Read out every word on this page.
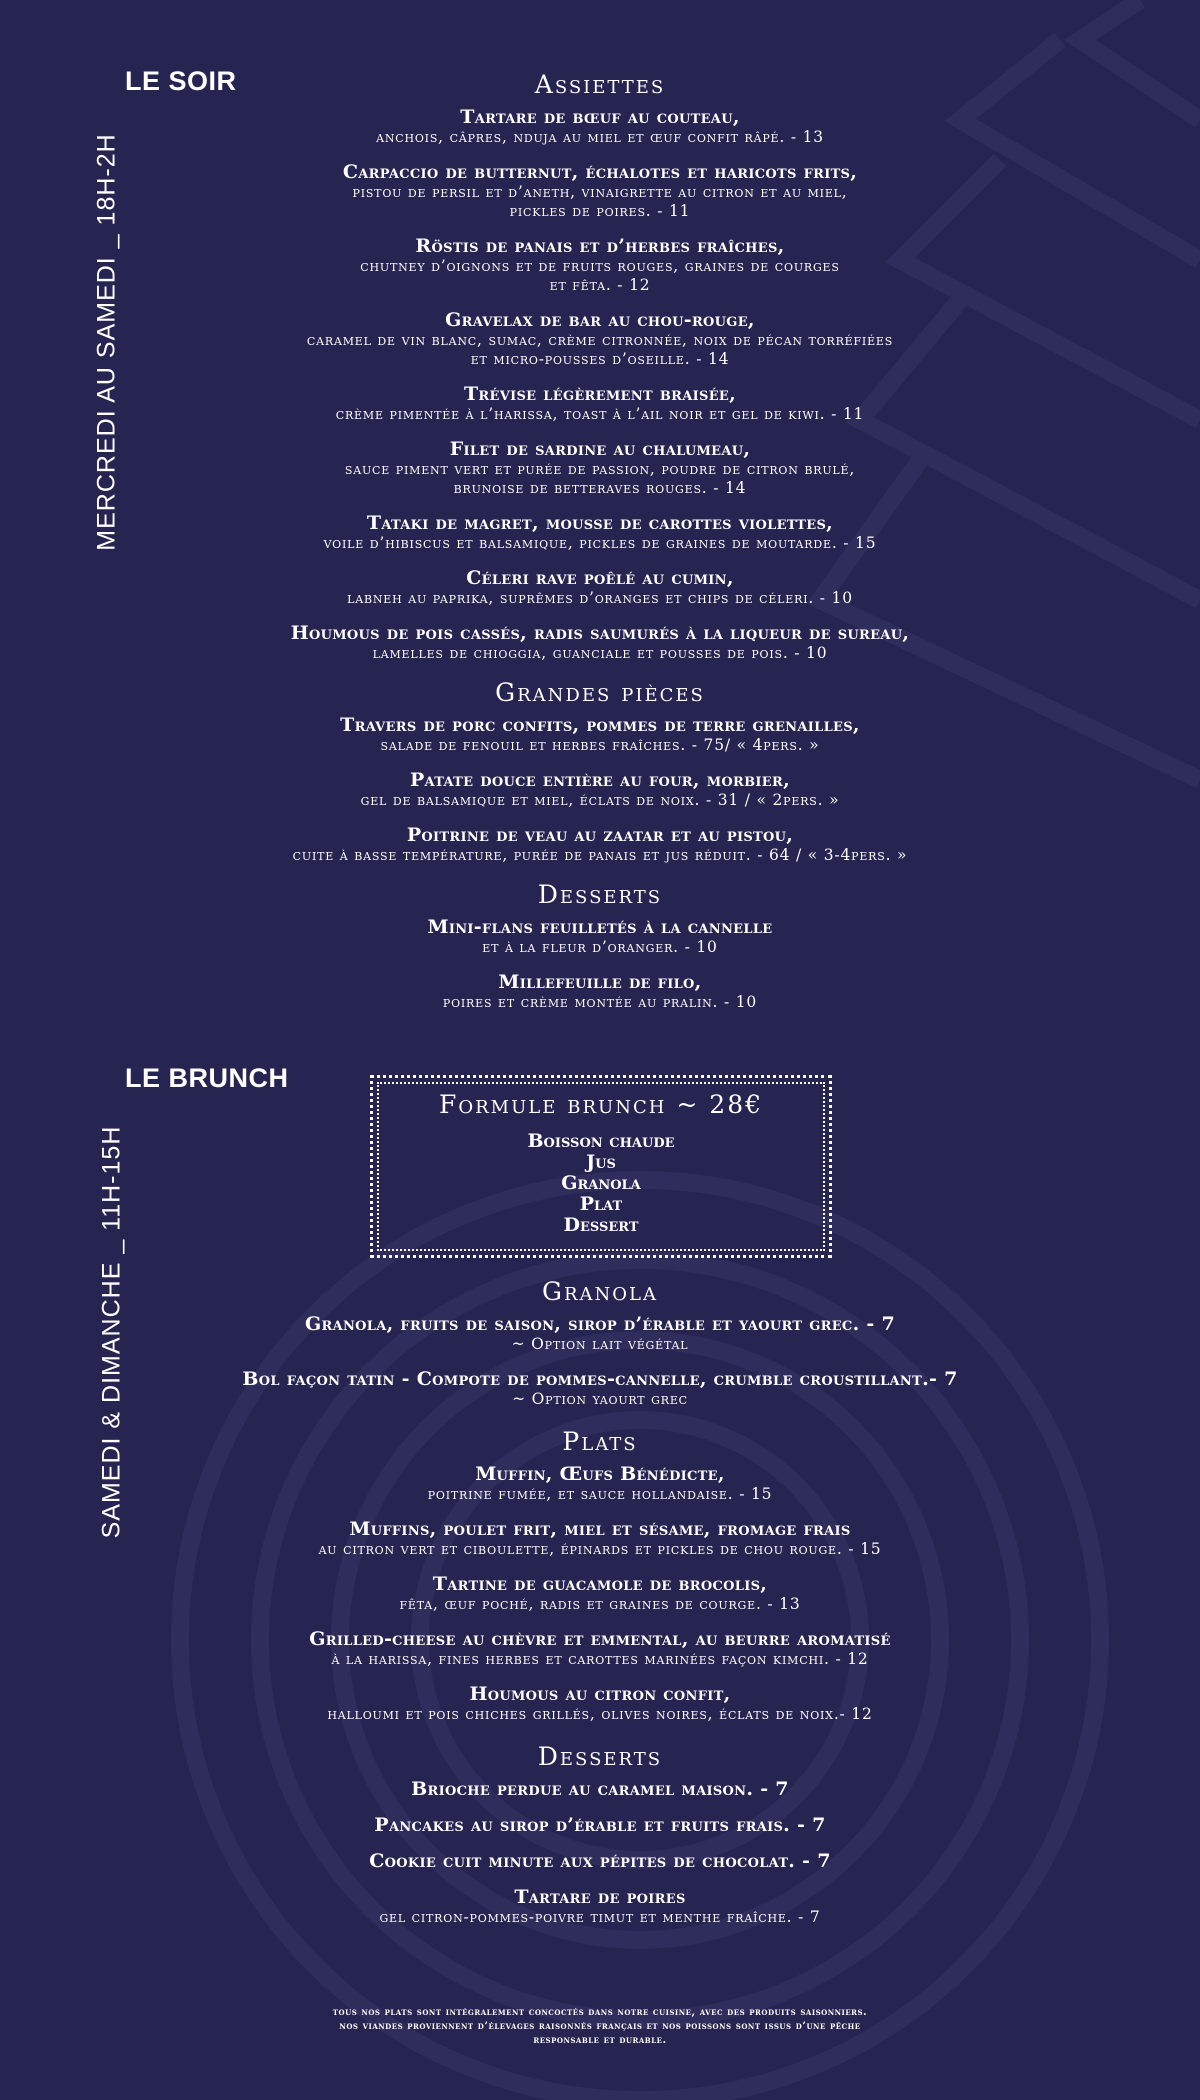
LE SOIR
MERCREDI AU SAMEDI _ 18H-2H
Assiettes
Tartare de bœuf au couteau,
anchois, câpres, nduja au miel et œuf confit râpé. - 13
Carpaccio de butternut, échalotes et haricots frits,
pistou de persil et d’aneth, vinaigrette au citron et au miel,
pickles de poires. - 11
Röstis de panais et d’herbes fraîches,
chutney d’oignons et de fruits rouges, graines de courges
et fêta. - 12
Gravelax de bar au chou-rouge,
caramel de vin blanc, sumac, crème citronnée, noix de pécan torréfiées
et micro-pousses d’oseille. - 14
Trévise légèrement braisée,
crème pimentée à l’harissa, toast à l’ail noir et gel de kiwi. - 11
Filet de sardine au chalumeau,
sauce piment vert et purée de passion, poudre de citron brulé,
brunoise de betteraves rouges. - 14
Tataki de magret, mousse de carottes violettes,
voile d’hibiscus et balsamique, pickles de graines de moutarde. - 15
Céleri rave poêlé au cumin,
labneh au paprika, suprêmes d’oranges et chips de céleri. - 10
Houmous de pois cassés, radis saumurés à la liqueur de sureau,
lamelles de chioggia, guanciale et pousses de pois. - 10
Grandes pièces
Travers de porc confits, pommes de terre grenailles,
salade de fenouil et herbes fraîches. - 75/ « 4pers. »
Patate douce entière au four, morbier,
gel de balsamique et miel, éclats de noix. - 31 / « 2pers. »
Poitrine de veau au zaatar et au pistou,
cuite à basse température, purée de panais et jus réduit. - 64 / « 3-4pers. »
Desserts
Mini-flans feuilletés à la cannelle
et à la fleur d’oranger. - 10
Millefeuille de filo,
poires et crème montée au pralin. - 10
LE BRUNCH
SAMEDI & DIMANCHE _ 11H-15H
Formule brunch ~ 28€
Boisson chaude
Jus
Granola
Plat
Dessert
Granola
Granola, fruits de saison, sirop d’érable et yaourt grec. - 7
~ Option lait végétal
Bol façon tatin - Compote de pommes-cannelle, crumble croustillant.- 7
~ Option yaourt grec
Plats
Muffin, Œufs Bénédicte,
poitrine fumée, et sauce hollandaise. - 15
Muffins, poulet frit, miel et sésame, fromage frais
au citron vert et ciboulette, épinards et pickles de chou rouge. - 15
Tartine de guacamole de brocolis,
fêta, œuf poché, radis et graines de courge. - 13
Grilled-cheese au chèvre et emmental, au beurre aromatisé
à la harissa, fines herbes et carottes marinées façon kimchi. - 12
Houmous au citron confit,
halloumi et pois chiches grillés, olives noires, éclats de noix.- 12
Desserts
Brioche perdue au caramel maison. - 7
Pancakes au sirop d’érable et fruits frais. - 7
Cookie cuit minute aux pépites de chocolat. - 7
Tartare de poires
gel citron-pommes-poivre timut et menthe fraîche. - 7
tous nos plats sont intégralement concoctés dans notre cuisine, avec des produits saisonniers.
nos viandes proviennent d’élevages raisonnés français et nos poissons sont issus d’une pêche
responsable et durable.
